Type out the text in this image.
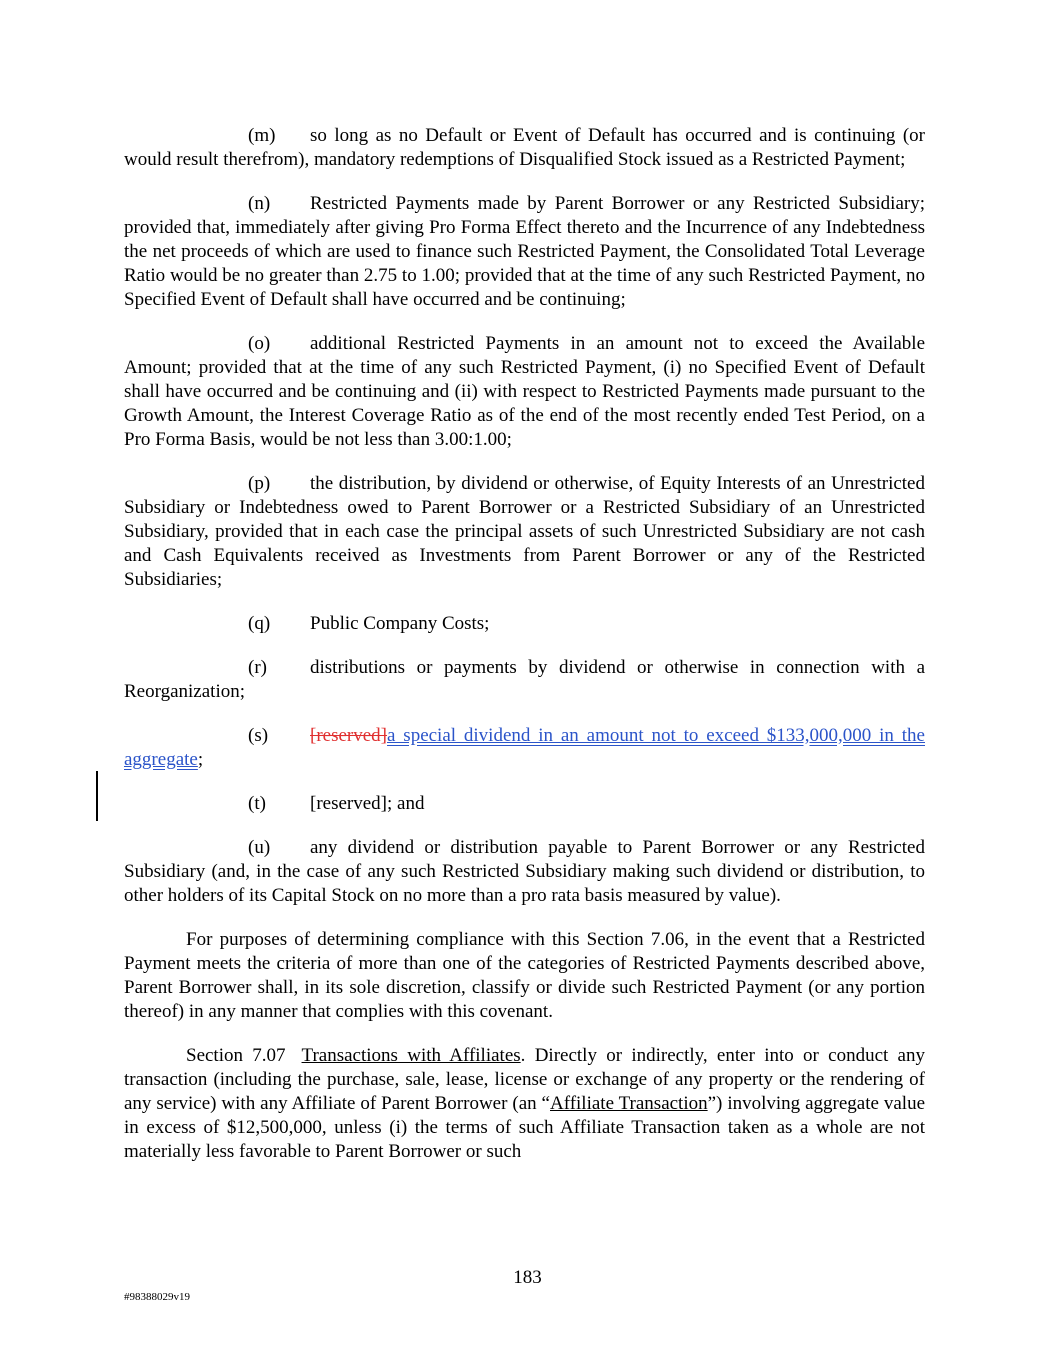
(m) so long as no Default or Event of Default has occurred and is continuing (or would result therefrom), mandatory redemptions of Disqualified Stock issued as a Restricted Payment;

(n) Restricted Payments made by Parent Borrower or any Restricted Subsidiary; provided that, immediately after giving Pro Forma Effect thereto and the Incurrence of any Indebtedness the net proceeds of which are used to finance such Restricted Payment, the Consolidated Total Leverage Ratio would be no greater than 2.75 to 1.00; provided that at the time of any such Restricted Payment, no Specified Event of Default shall have occurred and be continuing;

(o) additional Restricted Payments in an amount not to exceed the Available Amount; provided that at the time of any such Restricted Payment, (i) no Specified Event of Default shall have occurred and be continuing and (ii) with respect to Restricted Payments made pursuant to the Growth Amount, the Interest Coverage Ratio as of the end of the most recently ended Test Period, on a Pro Forma Basis, would be not less than 3.00:1.00;

(p) the distribution, by dividend or otherwise, of Equity Interests of an Unrestricted Subsidiary or Indebtedness owed to Parent Borrower or a Restricted Subsidiary of an Unrestricted Subsidiary, provided that in each case the principal assets of such Unrestricted Subsidiary are not cash and Cash Equivalents received as Investments from Parent Borrower or any of the Restricted Subsidiaries;

(q) Public Company Costs;

(r) distributions or payments by dividend or otherwise in connection with a Reorganization;

(s) [reserved]a special dividend in an amount not to exceed $133,000,000 in the aggregate;

(t) [reserved]; and

(u) any dividend or distribution payable to Parent Borrower or any Restricted Subsidiary (and, in the case of any such Restricted Subsidiary making such dividend or distribution, to other holders of its Capital Stock on no more than a pro rata basis measured by value).

For purposes of determining compliance with this Section 7.06, in the event that a Restricted Payment meets the criteria of more than one of the categories of Restricted Payments described above, Parent Borrower shall, in its sole discretion, classify or divide such Restricted Payment (or any portion thereof) in any manner that complies with this covenant.

Section 7.07 Transactions with Affiliates. Directly or indirectly, enter into or conduct any transaction (including the purchase, sale, lease, license or exchange of any property or the rendering of any service) with any Affiliate of Parent Borrower (an “Affiliate Transaction”) involving aggregate value in excess of $12,500,000, unless (i) the terms of such Affiliate Transaction taken as a whole are not materially less favorable to Parent Borrower or such

183
#98388029v19
